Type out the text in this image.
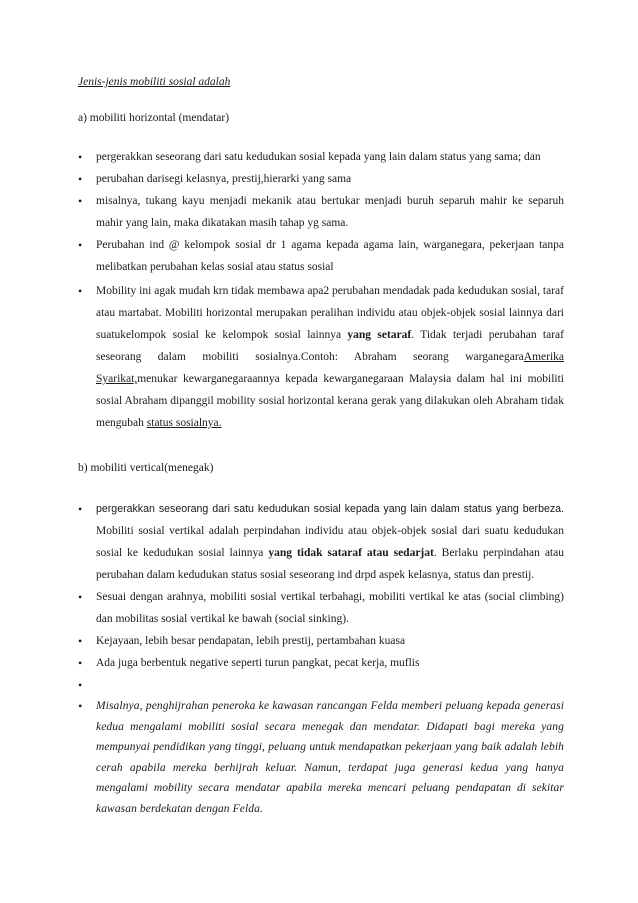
Jenis-jenis mobiliti sosial adalah
a) mobiliti horizontal (mendatar)
• pergerakkan seseorang dari satu kedudukan sosial kepada yang lain dalam status yang sama; dan
• perubahan darisegi kelasnya, prestij,hierarki yang sama
• misalnya, tukang kayu menjadi mekanik atau bertukar menjadi buruh separuh mahir ke separuh mahir yang lain, maka dikatakan masih tahap yg sama.
• Perubahan ind @ kelompok sosial dr 1 agama kepada agama lain, warganegara, pekerjaan tanpa melibatkan perubahan kelas sosial atau status sosial
• Mobility ini agak mudah krn tidak membawa apa2 perubahan mendadak pada kedudukan sosial, taraf atau martabat. Mobiliti horizontal merupakan peralihan individu atau objek-objek sosial lainnya dari suatukelompok sosial ke kelompok sosial lainnya yang setaraf. Tidak terjadi perubahan taraf seseorang dalam mobiliti sosialnya.Contoh: Abraham seorang warganegaraAmerika Syarikat,menukar kewarganegaraannya kepada kewarganegaraan Malaysia dalam hal ini mobiliti sosial Abraham dipanggil mobility sosial horizontal kerana gerak yang dilakukan oleh Abraham tidak mengubah status sosialnya.
b) mobiliti vertical(menegak)
• pergerakkan seseorang dari satu kedudukan sosial kepada yang lain dalam status yang berbeza. Mobiliti sosial vertikal adalah perpindahan individu atau objek-objek sosial dari suatu kedudukan sosial ke kedudukan sosial lainnya yang tidak sataraf atau sedarjat. Berlaku perpindahan atau perubahan dalam kedudukan status sosial seseorang ind drpd aspek kelasnya, status dan prestij.
• Sesuai dengan arahnya, mobiliti sosial vertikal terbahagi, mobiliti vertikal ke atas (social climbing) dan mobilitas sosial vertikal ke bawah (social sinking).
• Kejayaan, lebih besar pendapatan, lebih prestij, pertambahan kuasa
• Ada juga berbentuk negative seperti turun pangkat, pecat kerja, muflis
•
• Misalnya, penghijrahan peneroka ke kawasan rancangan Felda memberi peluang kepada generasi kedua mengalami mobiliti sosial secara menegak dan mendatar. Didapati bagi mereka yang mempunyai pendidikan yang tinggi, peluang untuk mendapatkan pekerjaan yang baik adalah lebih cerah apabila mereka berhijrah keluar. Namun, terdapat juga generasi kedua yang hanya mengalami mobility secara mendatar apabila mereka mencari peluang pendapatan di sekitar kawasan berdekatan dengan Felda.
